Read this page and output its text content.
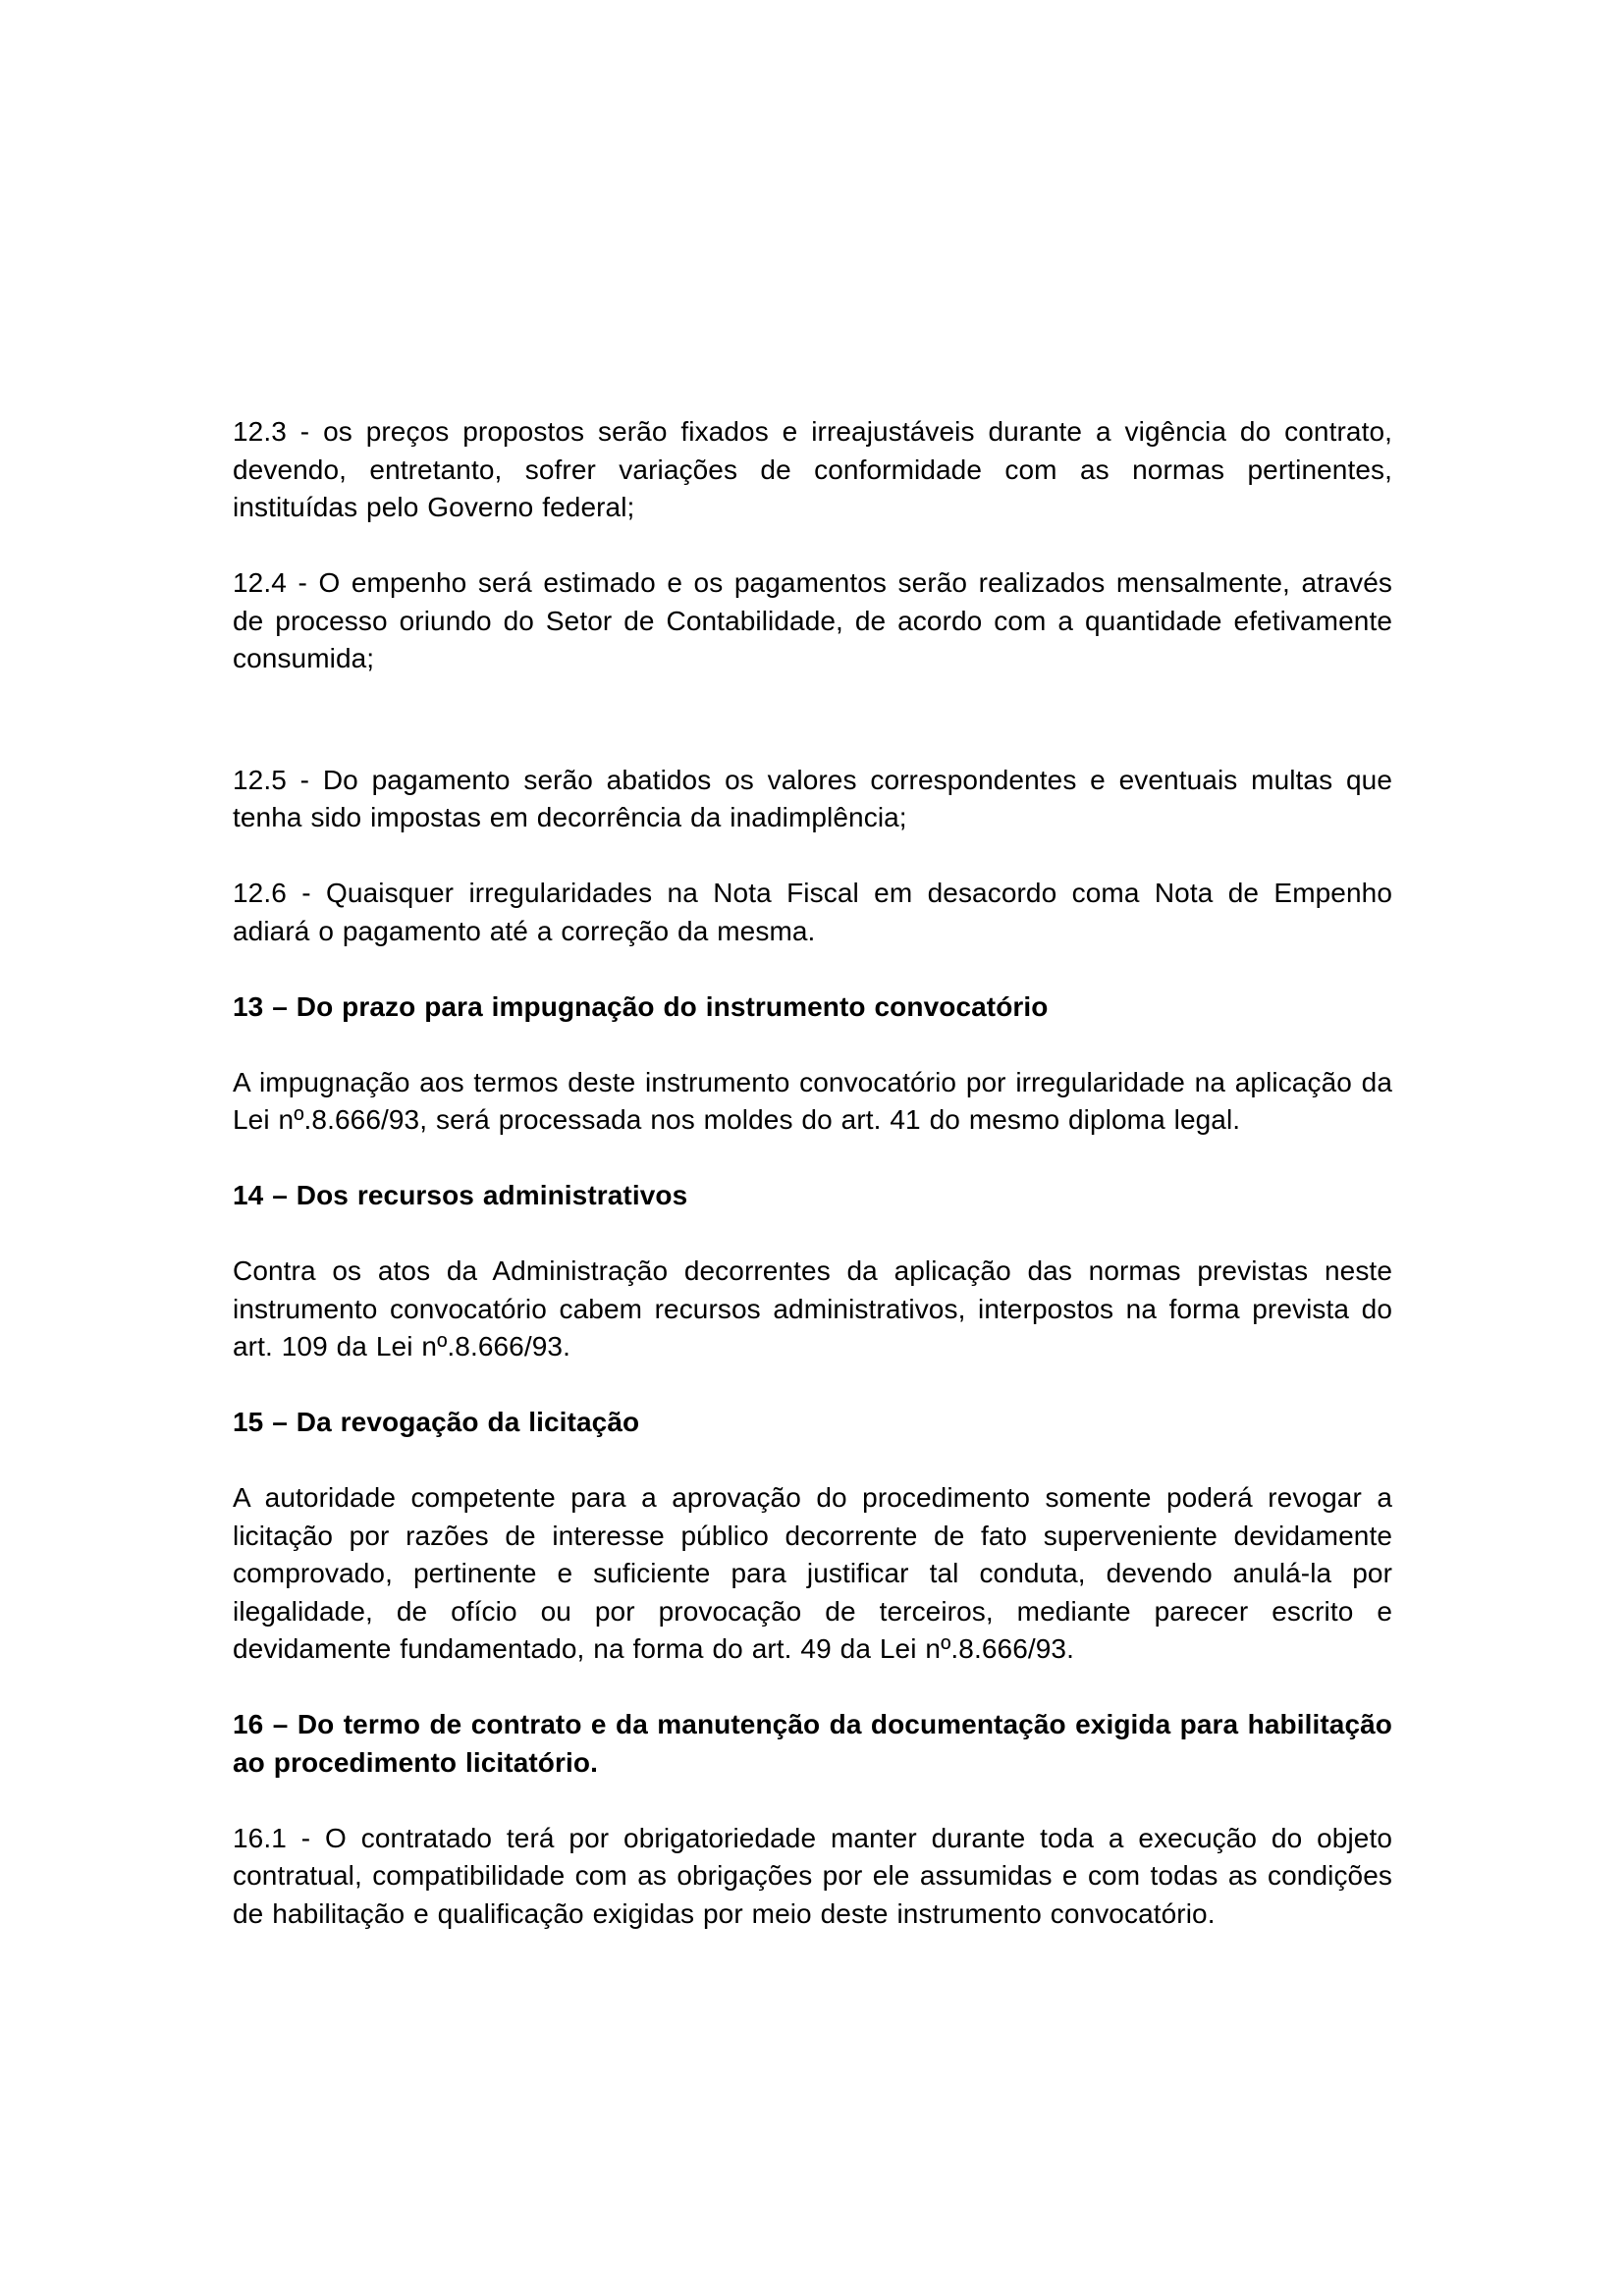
12.3 - os preços propostos serão fixados e irreajustáveis durante a vigência do contrato, devendo, entretanto, sofrer variações de conformidade com as normas pertinentes, instituídas pelo Governo federal;

12.4 - O empenho será estimado e os pagamentos serão realizados mensalmente, através de processo oriundo do Setor de Contabilidade, de acordo com a quantidade efetivamente consumida;

12.5 - Do pagamento serão abatidos os valores correspondentes e eventuais multas que tenha sido impostas em decorrência da inadimplência;

12.6 - Quaisquer irregularidades na Nota Fiscal em desacordo coma Nota de Empenho adiará o pagamento até a correção da mesma.

13 – Do prazo para impugnação do instrumento convocatório

A impugnação aos termos deste instrumento convocatório por irregularidade na aplicação da Lei nº.8.666/93, será processada nos moldes do art. 41 do mesmo diploma legal.

14 – Dos recursos administrativos

Contra os atos da Administração decorrentes da aplicação das normas previstas neste instrumento convocatório cabem recursos administrativos, interpostos na forma prevista do art. 109 da Lei nº.8.666/93.

15 – Da revogação da licitação

A autoridade competente para a aprovação do procedimento somente poderá revogar a licitação por razões de interesse público decorrente de fato superveniente devidamente comprovado, pertinente e suficiente para justificar tal conduta, devendo anulá-la por ilegalidade, de ofício ou por provocação de terceiros, mediante parecer escrito e devidamente fundamentado, na forma do art. 49 da Lei nº.8.666/93.

16 – Do termo de contrato e da manutenção da documentação exigida para habilitação ao procedimento licitatório.

16.1 - O contratado terá por obrigatoriedade manter durante toda a execução do objeto contratual, compatibilidade com as obrigações por ele assumidas e com todas as condições de habilitação e qualificação exigidas por meio deste instrumento convocatório.
